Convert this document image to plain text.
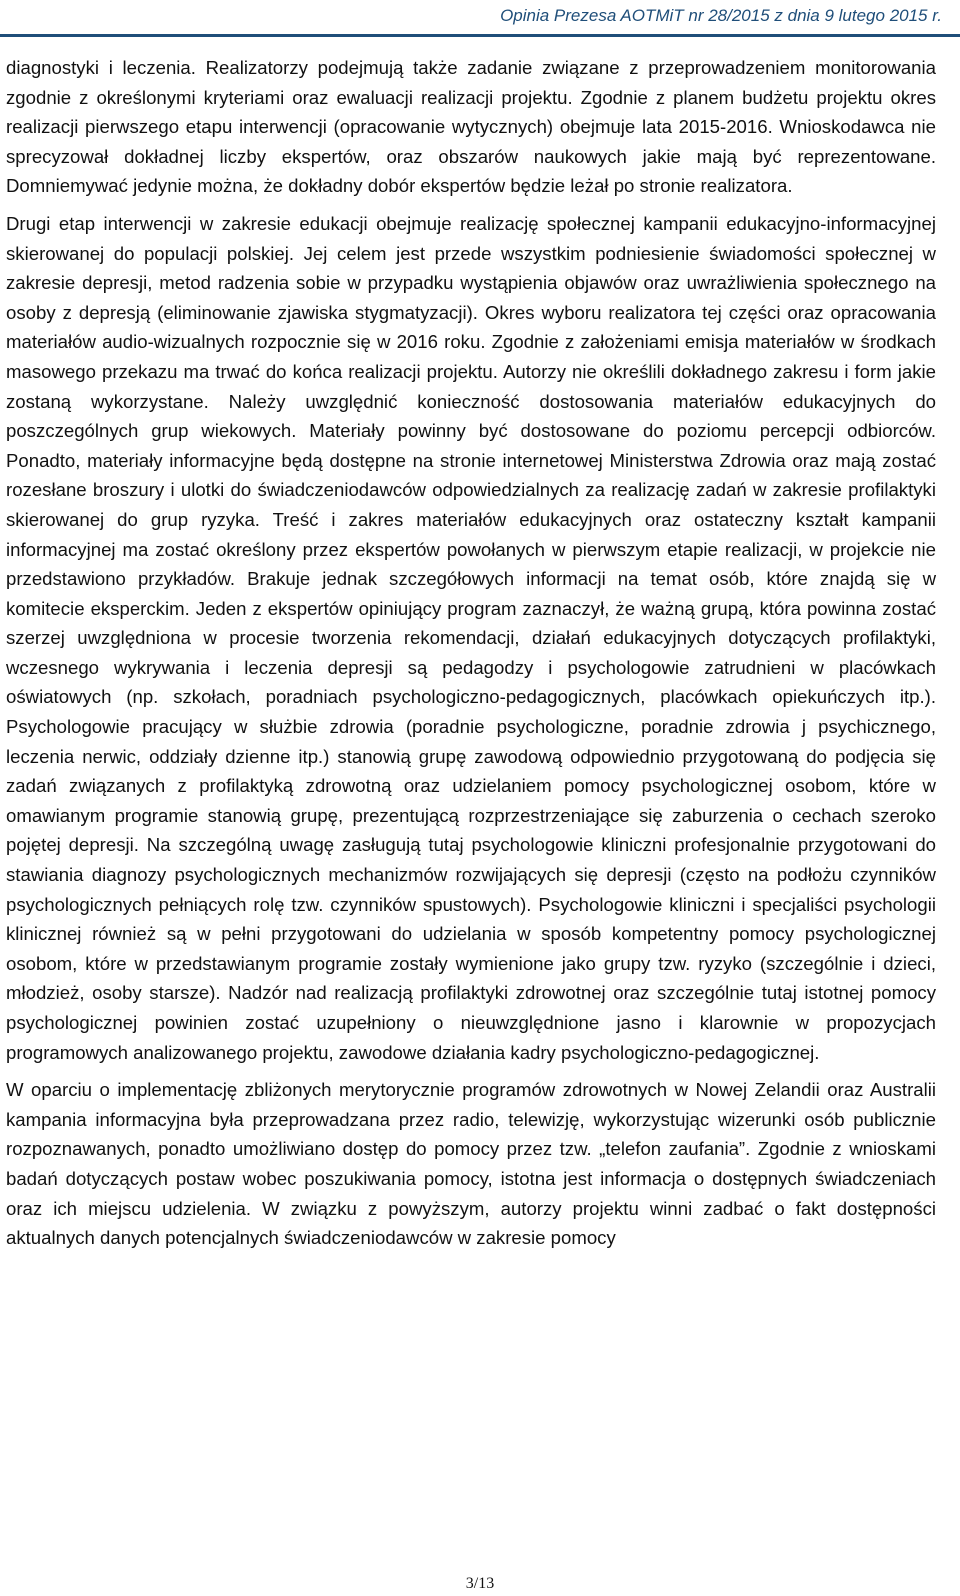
Opinia Prezesa AOTMiT nr 28/2015 z dnia 9 lutego 2015 r.

diagnostyki i leczenia. Realizatorzy podejmują także zadanie związane z przeprowadzeniem monitorowania zgodnie z określonymi kryteriami oraz ewaluacji realizacji projektu. Zgodnie z planem budżetu projektu okres realizacji pierwszego etapu interwencji (opracowanie wytycznych) obejmuje lata 2015-2016. Wnioskodawca nie sprecyzował dokładnej liczby ekspertów, oraz obszarów naukowych jakie mają być reprezentowane. Domniemywać jedynie można, że dokładny dobór ekspertów będzie leżał po stronie realizatora.

Drugi etap interwencji w zakresie edukacji obejmuje realizację społecznej kampanii edukacyjno-informacyjnej skierowanej do populacji polskiej. Jej celem jest przede wszystkim podniesienie świadomości społecznej w zakresie depresji, metod radzenia sobie w przypadku wystąpienia objawów oraz uwrażliwienia społecznego na osoby z depresją (eliminowanie zjawiska stygmatyzacji). Okres wyboru realizatora tej części oraz opracowania materiałów audio-wizualnych rozpocznie się w 2016 roku. Zgodnie z założeniami emisja materiałów w środkach masowego przekazu ma trwać do końca realizacji projektu. Autorzy nie określili dokładnego zakresu i form jakie zostaną wykorzystane. Należy uwzględnić konieczność dostosowania materiałów edukacyjnych do poszczególnych grup wiekowych. Materiały powinny być dostosowane do poziomu percepcji odbiorców. Ponadto, materiały informacyjne będą dostępne na stronie internetowej Ministerstwa Zdrowia oraz mają zostać rozesłane broszury i ulotki do świadczeniodawców odpowiedzialnych za realizację zadań w zakresie profilaktyki skierowanej do grup ryzyka. Treść i zakres materiałów edukacyjnych oraz ostateczny kształt kampanii informacyjnej ma zostać określony przez ekspertów powołanych w pierwszym etapie realizacji, w projekcie nie przedstawiono przykładów. Brakuje jednak szczegółowych informacji na temat osób, które znajdą się w komitecie eksperckim. Jeden z ekspertów opiniujący program zaznaczył, że ważną grupą, która powinna zostać szerzej uwzględniona w procesie tworzenia rekomendacji, działań edukacyjnych dotyczących profilaktyki, wczesnego wykrywania i leczenia depresji są pedagodzy i psychologowie zatrudnieni w placówkach oświatowych (np. szkołach, poradniach psychologiczno-pedagogicznych, placówkach opiekuńczych itp.). Psychologowie pracujący w służbie zdrowia (poradnie psychologiczne, poradnie zdrowia j psychicznego, leczenia nerwic, oddziały dzienne itp.) stanowią grupę zawodową odpowiednio przygotowaną do podjęcia się zadań związanych z profilaktyką zdrowotną oraz udzielaniem pomocy psychologicznej osobom, które w omawianym programie stanowią grupę, prezentującą rozprzestrzeniające się zaburzenia o cechach szeroko pojętej depresji. Na szczególną uwagę zasługują tutaj psychologowie kliniczni profesjonalnie przygotowani do stawiania diagnozy psychologicznych mechanizmów rozwijających się depresji (często na podłożu czynników psychologicznych pełniących rolę tzw. czynników spustowych). Psychologowie kliniczni i specjaliści psychologii klinicznej również są w pełni przygotowani do udzielania w sposób kompetentny pomocy psychologicznej osobom, które w przedstawianym programie zostały wymienione jako grupy tzw. ryzyko (szczególnie i dzieci, młodzież, osoby starsze). Nadzór nad realizacją profilaktyki zdrowotnej oraz szczególnie tutaj istotnej pomocy psychologicznej powinien zostać uzupełniony o nieuwzględnione jasno i klarownie w propozycjach programowych analizowanego projektu, zawodowe działania kadry psychologiczno-pedagogicznej.

W oparciu o implementację zbliżonych merytorycznie programów zdrowotnych w Nowej Zelandii oraz Australii kampania informacyjna była przeprowadzana przez radio, telewizję, wykorzystując wizerunki osób publicznie rozpoznawanych, ponadto umożliwiano dostęp do pomocy przez tzw. „telefon zaufania”. Zgodnie z wnioskami badań dotyczących postaw wobec poszukiwania pomocy, istotna jest informacja o dostępnych świadczeniach oraz ich miejscu udzielenia. W związku z powyższym, autorzy projektu winni zadbać o fakt dostępności aktualnych danych potencjalnych świadczeniodawców w zakresie pomocy

3/13
